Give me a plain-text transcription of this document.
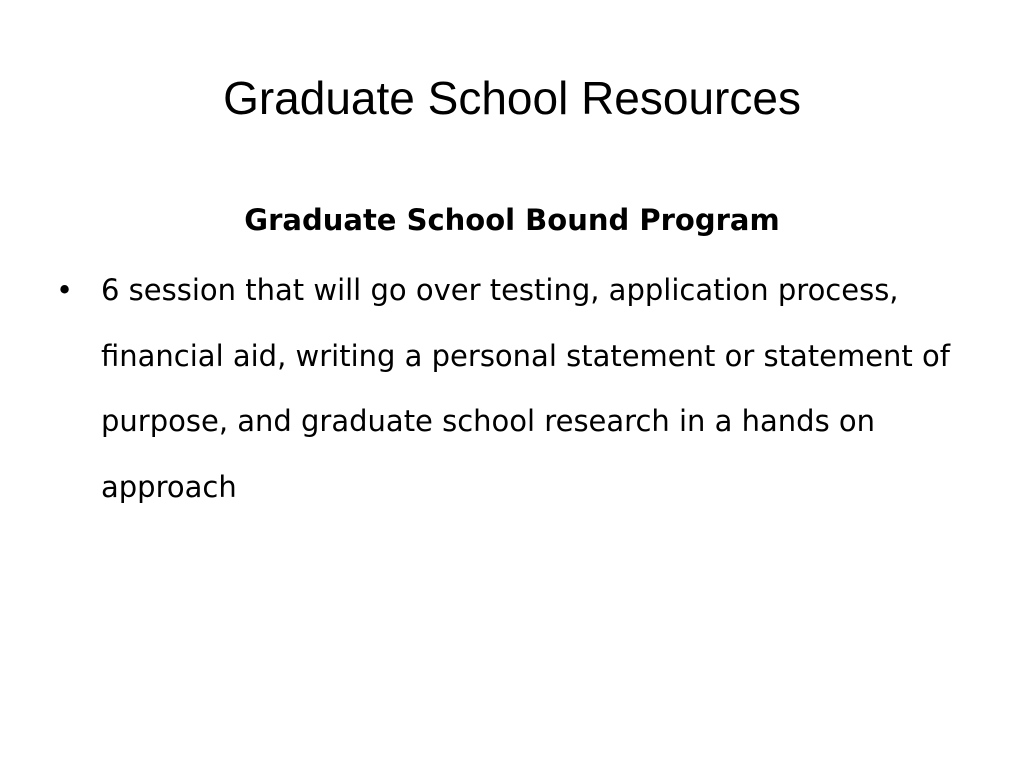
Graduate School Resources
Graduate School Bound Program
• 6 session that will go over testing, application process, financial aid, writing a personal statement or statement of purpose, and graduate school research in a hands on approach
